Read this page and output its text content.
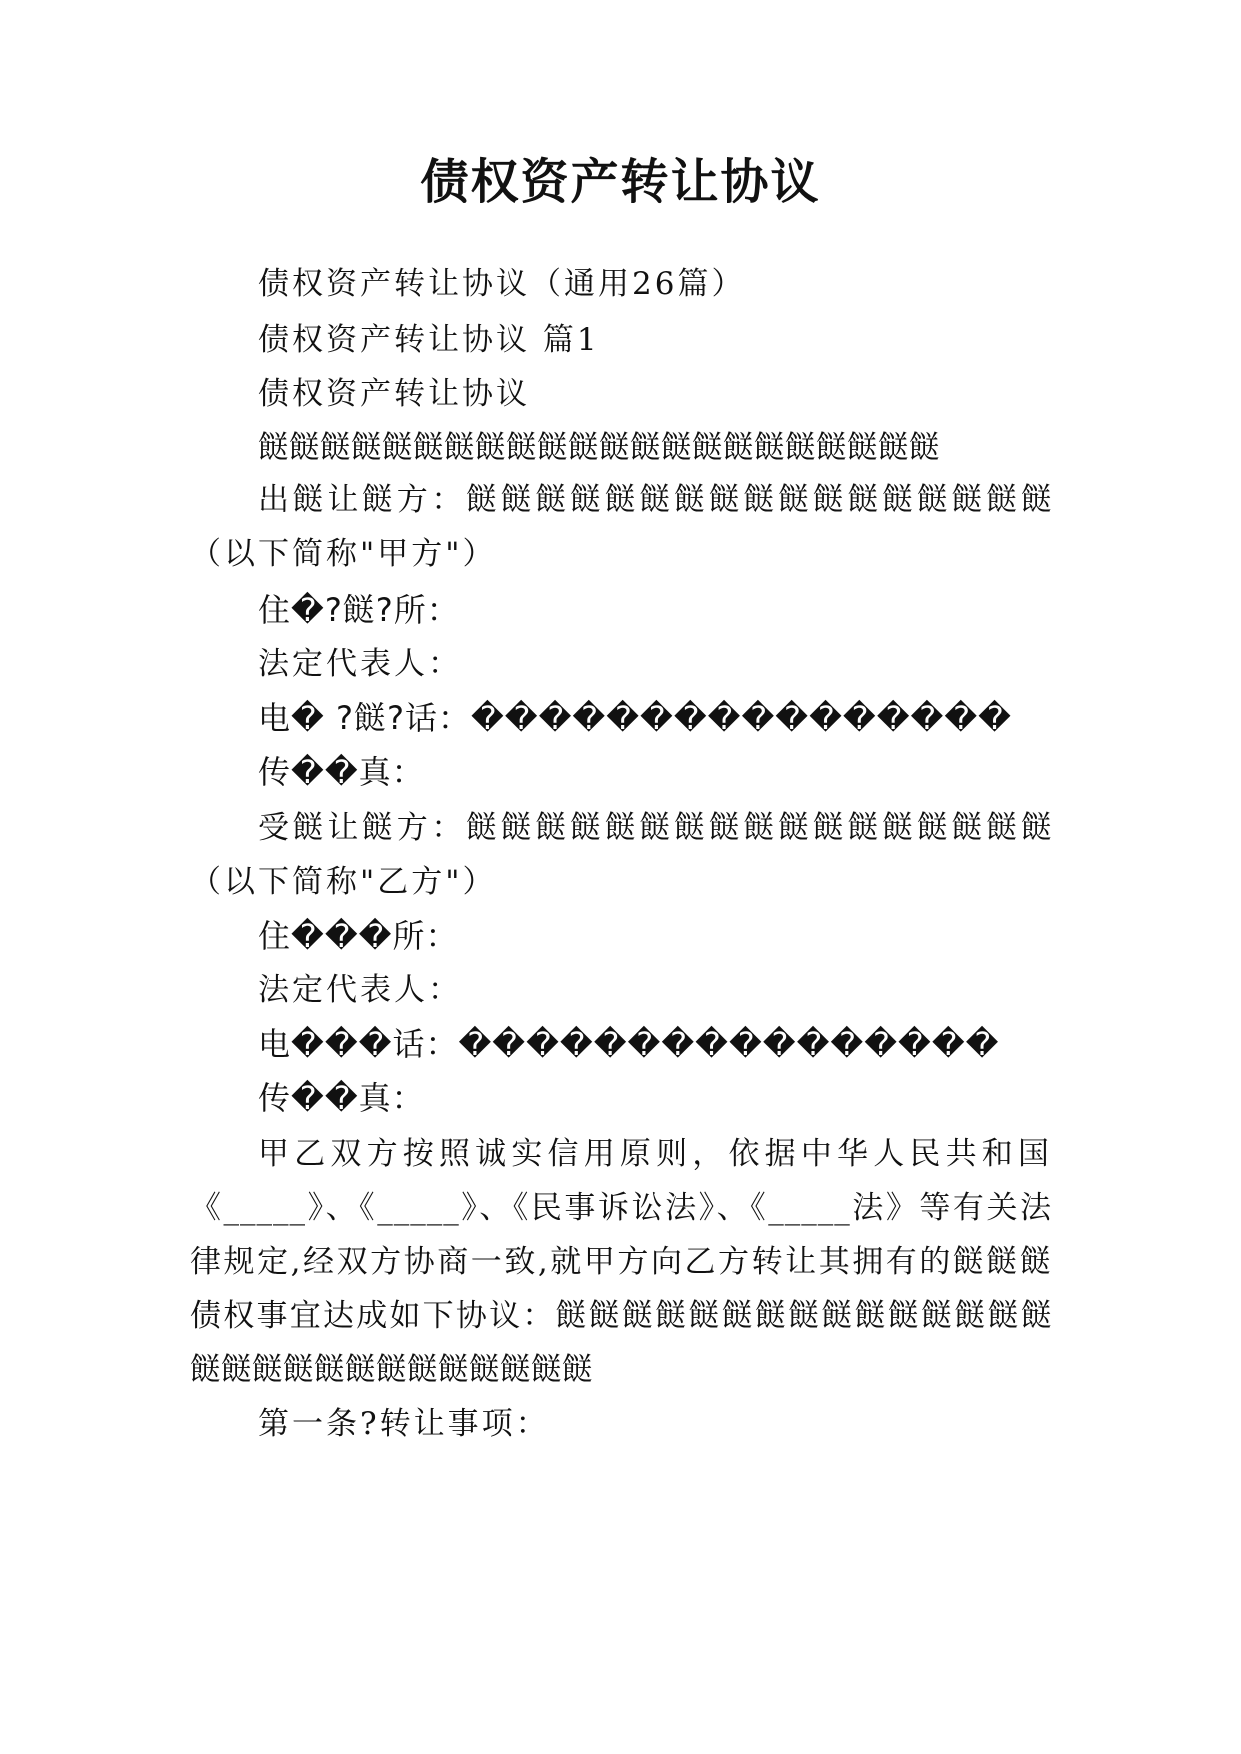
债权资产转让协议
债权资产转让协议（通用26篇）
债权资产转让协议 篇1
债权资产转让协议
餸餸餸餸餸餸餸餸餸餸餸餸餸餸餸餸餸餸餸餸餸餸
出餸让餸方：餸餸餸餸餸餸餸餸餸餸餸餸餸餸餸餸餸
（以下简称"甲方"）
住�?餸?所：
法定代表人：
电� ?餸?话：����������������
传��真：
受餸让餸方：餸餸餸餸餸餸餸餸餸餸餸餸餸餸餸餸餸
（以下简称"乙方"）
住���所：
法定代表人：
电���话：����������������
传��真：
甲乙双方按照诚实信用原则，依据中华人民共和国
《_____》、《_____》、《民事诉讼法》、《_____法》等有关法
律规定,经双方协商一致,就甲方向乙方转让其拥有的餸餸餸
债权事宜达成如下协议：餸餸餸餸餸餸餸餸餸餸餸餸餸餸餸
餸餸餸餸餸餸餸餸餸餸餸餸餸
第一条?转让事项：
